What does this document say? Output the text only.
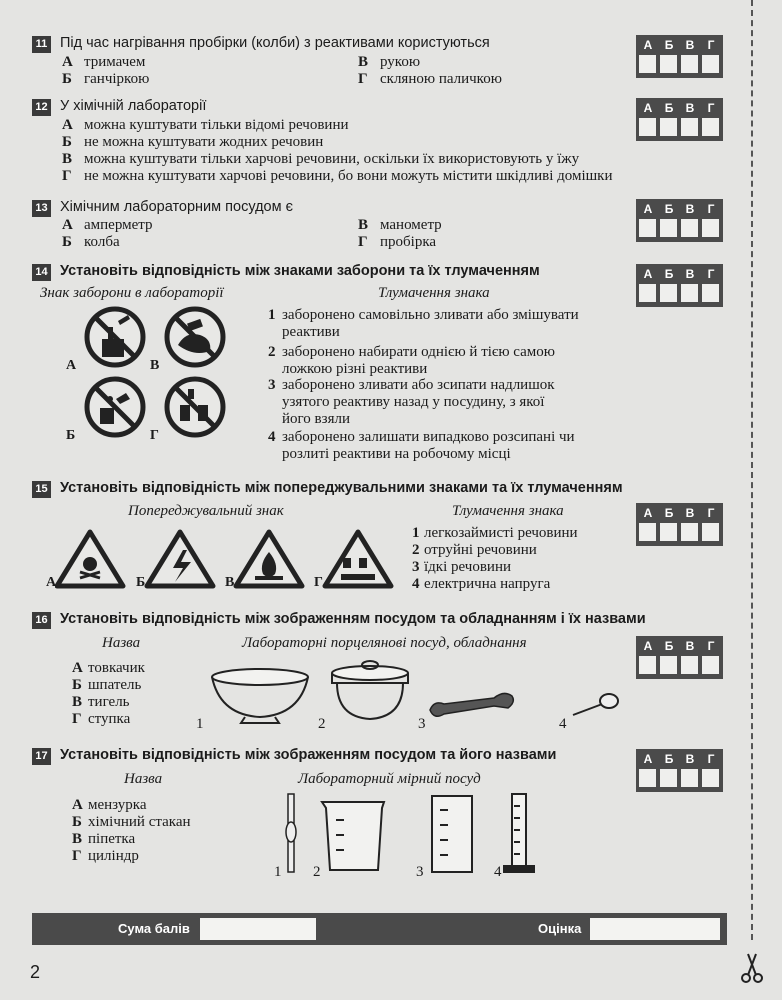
11 Під час нагрівання пробірки (колби) з реактивами користуються
А тримачем
Б ганчіркою
В рукою
Г скляною паличкою
А	Б	В	Г
12 У хімічній лабораторії
А можна куштувати тільки відомі речовини
Б не можна куштувати жодних речовин
В можна куштувати тільки харчові речовини, оскільки їх використовують у їжу
Г не можна куштувати харчові речовини, бо вони можуть містити шкідливі домішки
А	Б	В	Г
13 Хімічним лабораторним посудом є
А амперметр
Б колба
В манометр
Г пробірка
А	Б	В	Г
14 Установіть відповідність між знаками заборони та їх тлумаченням	А	Б	В	Г
Знак заборони в лабораторії	Тлумачення знака
А	В
Б	Г
1 заборонено самовільно зливати або змішувати
реактиви
2 заборонено набирати однією й тією самою
ложкою різні реактиви
3 заборонено зливати або зсипати надлишок
узятого реактиву назад у посудину, з якої
його взяли
4 заборонено залишати випадково розсипані чи
розлиті реактиви на робочому місці
15 Установіть відповідність між попереджувальними знаками та їх тлумаченням
Попереджувальний знак	Тлумачення знака	А	Б	В	Г
А	Б	В	Г
1 легкозаймисті речовини
2 отруйні речовини
3 їдкі речовини
4 електрична напруга
16 Установіть відповідність між зображенням посудом та обладнанням і їх назвами
Назва	Лабораторні порцелянові посуд, обладнання	А	Б	В	Г
А товкачик
Б шпатель
В тигель
Г ступка	1	2	3	4
17 Установіть відповідність між зображенням посудом та його назвами
Назва	Лабораторний мірний посуд
А	Б	В	Г
А мензурка
Б хімічний стакан
В піпетка
Г циліндр
1 2	3	4
Сума балів	Оцінка
2
